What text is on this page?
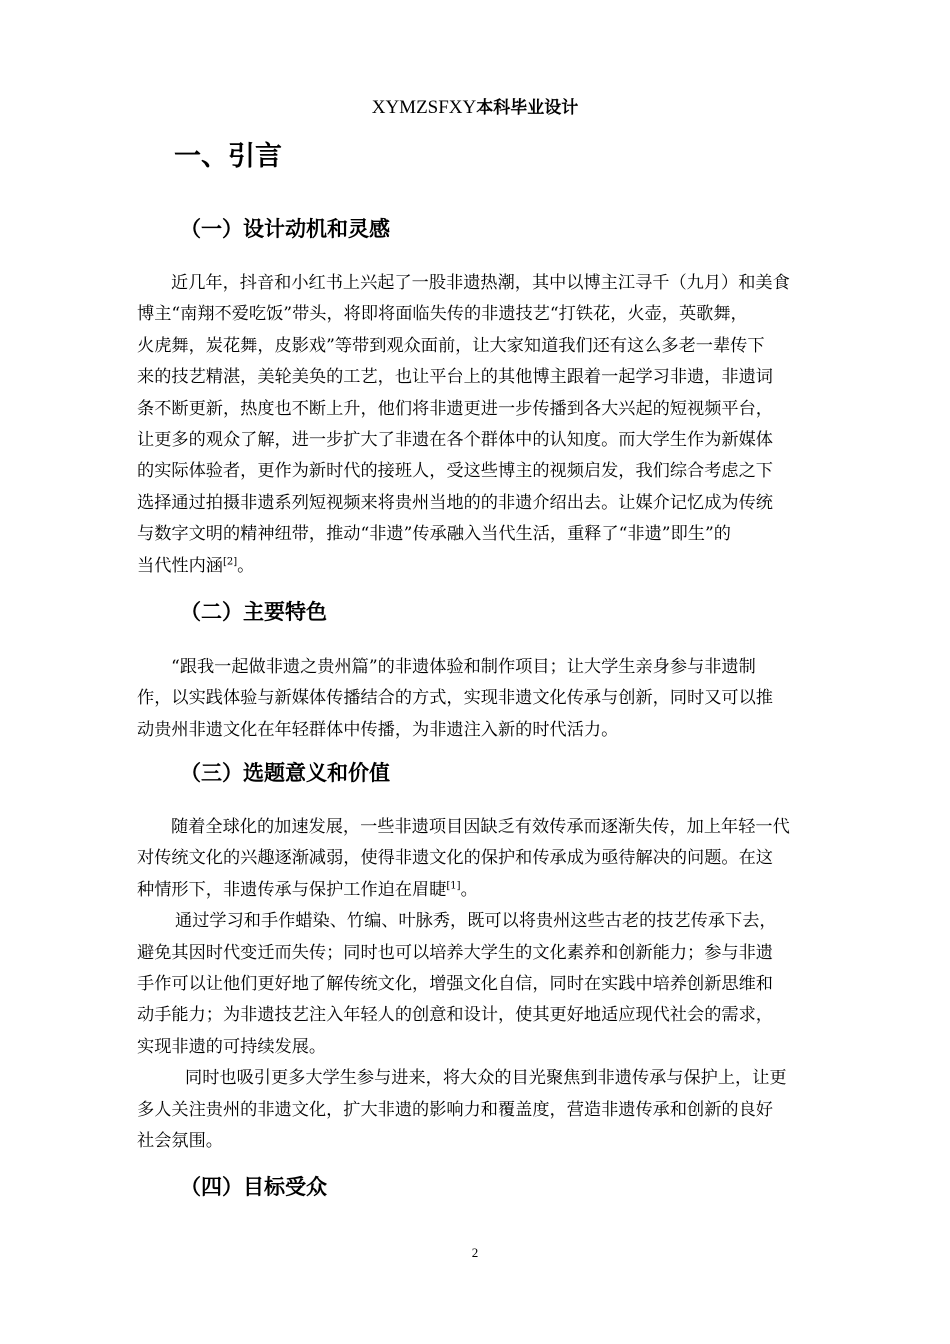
XYMZSFXY本科毕业设计
一、引言
（一）设计动机和灵感
近几年，抖音和小红书上兴起了一股非遗热潮，其中以博主江寻千（九月）和美食
博主“南翔不爱吃饭”带头，将即将面临失传的非遗技艺“打铁花，火壶，英歌舞，
火虎舞，炭花舞，皮影戏”等带到观众面前，让大家知道我们还有这么多老一辈传下
来的技艺精湛，美轮美奂的工艺，也让平台上的其他博主跟着一起学习非遗，非遗词
条不断更新，热度也不断上升，他们将非遗更进一步传播到各大兴起的短视频平台，
让更多的观众了解，进一步扩大了非遗在各个群体中的认知度。而大学生作为新媒体
的实际体验者，更作为新时代的接班人，受这些博主的视频启发，我们综合考虑之下
选择通过拍摄非遗系列短视频来将贵州当地的的非遗介绍出去。让媒介记忆成为传统
与数字文明的精神纽带，推动“非遗”传承融入当代生活，重释了“非遗”即生”的
当代性内涵[2]。
（二）主要特色
“跟我一起做非遗之贵州篇”的非遗体验和制作项目；让大学生亲身参与非遗制
作，以实践体验与新媒体传播结合的方式，实现非遗文化传承与创新，同时又可以推
动贵州非遗文化在年轻群体中传播，为非遗注入新的时代活力。
（三）选题意义和价值
随着全球化的加速发展，一些非遗项目因缺乏有效传承而逐渐失传，加上年轻一代
对传统文化的兴趣逐渐减弱，使得非遗文化的保护和传承成为亟待解决的问题。在这
种情形下，非遗传承与保护工作迫在眉睫[1]。
通过学习和手作蜡染、竹编、叶脉秀，既可以将贵州这些古老的技艺传承下去，
避免其因时代变迁而失传；同时也可以培养大学生的文化素养和创新能力；参与非遗
手作可以让他们更好地了解传统文化，增强文化自信，同时在实践中培养创新思维和
动手能力；为非遗技艺注入年轻人的创意和设计，使其更好地适应现代社会的需求，
实现非遗的可持续发展。
同时也吸引更多大学生参与进来，将大众的目光聚焦到非遗传承与保护上，让更
多人关注贵州的非遗文化，扩大非遗的影响力和覆盖度，营造非遗传承和创新的良好
社会氛围。
（四）目标受众
2
